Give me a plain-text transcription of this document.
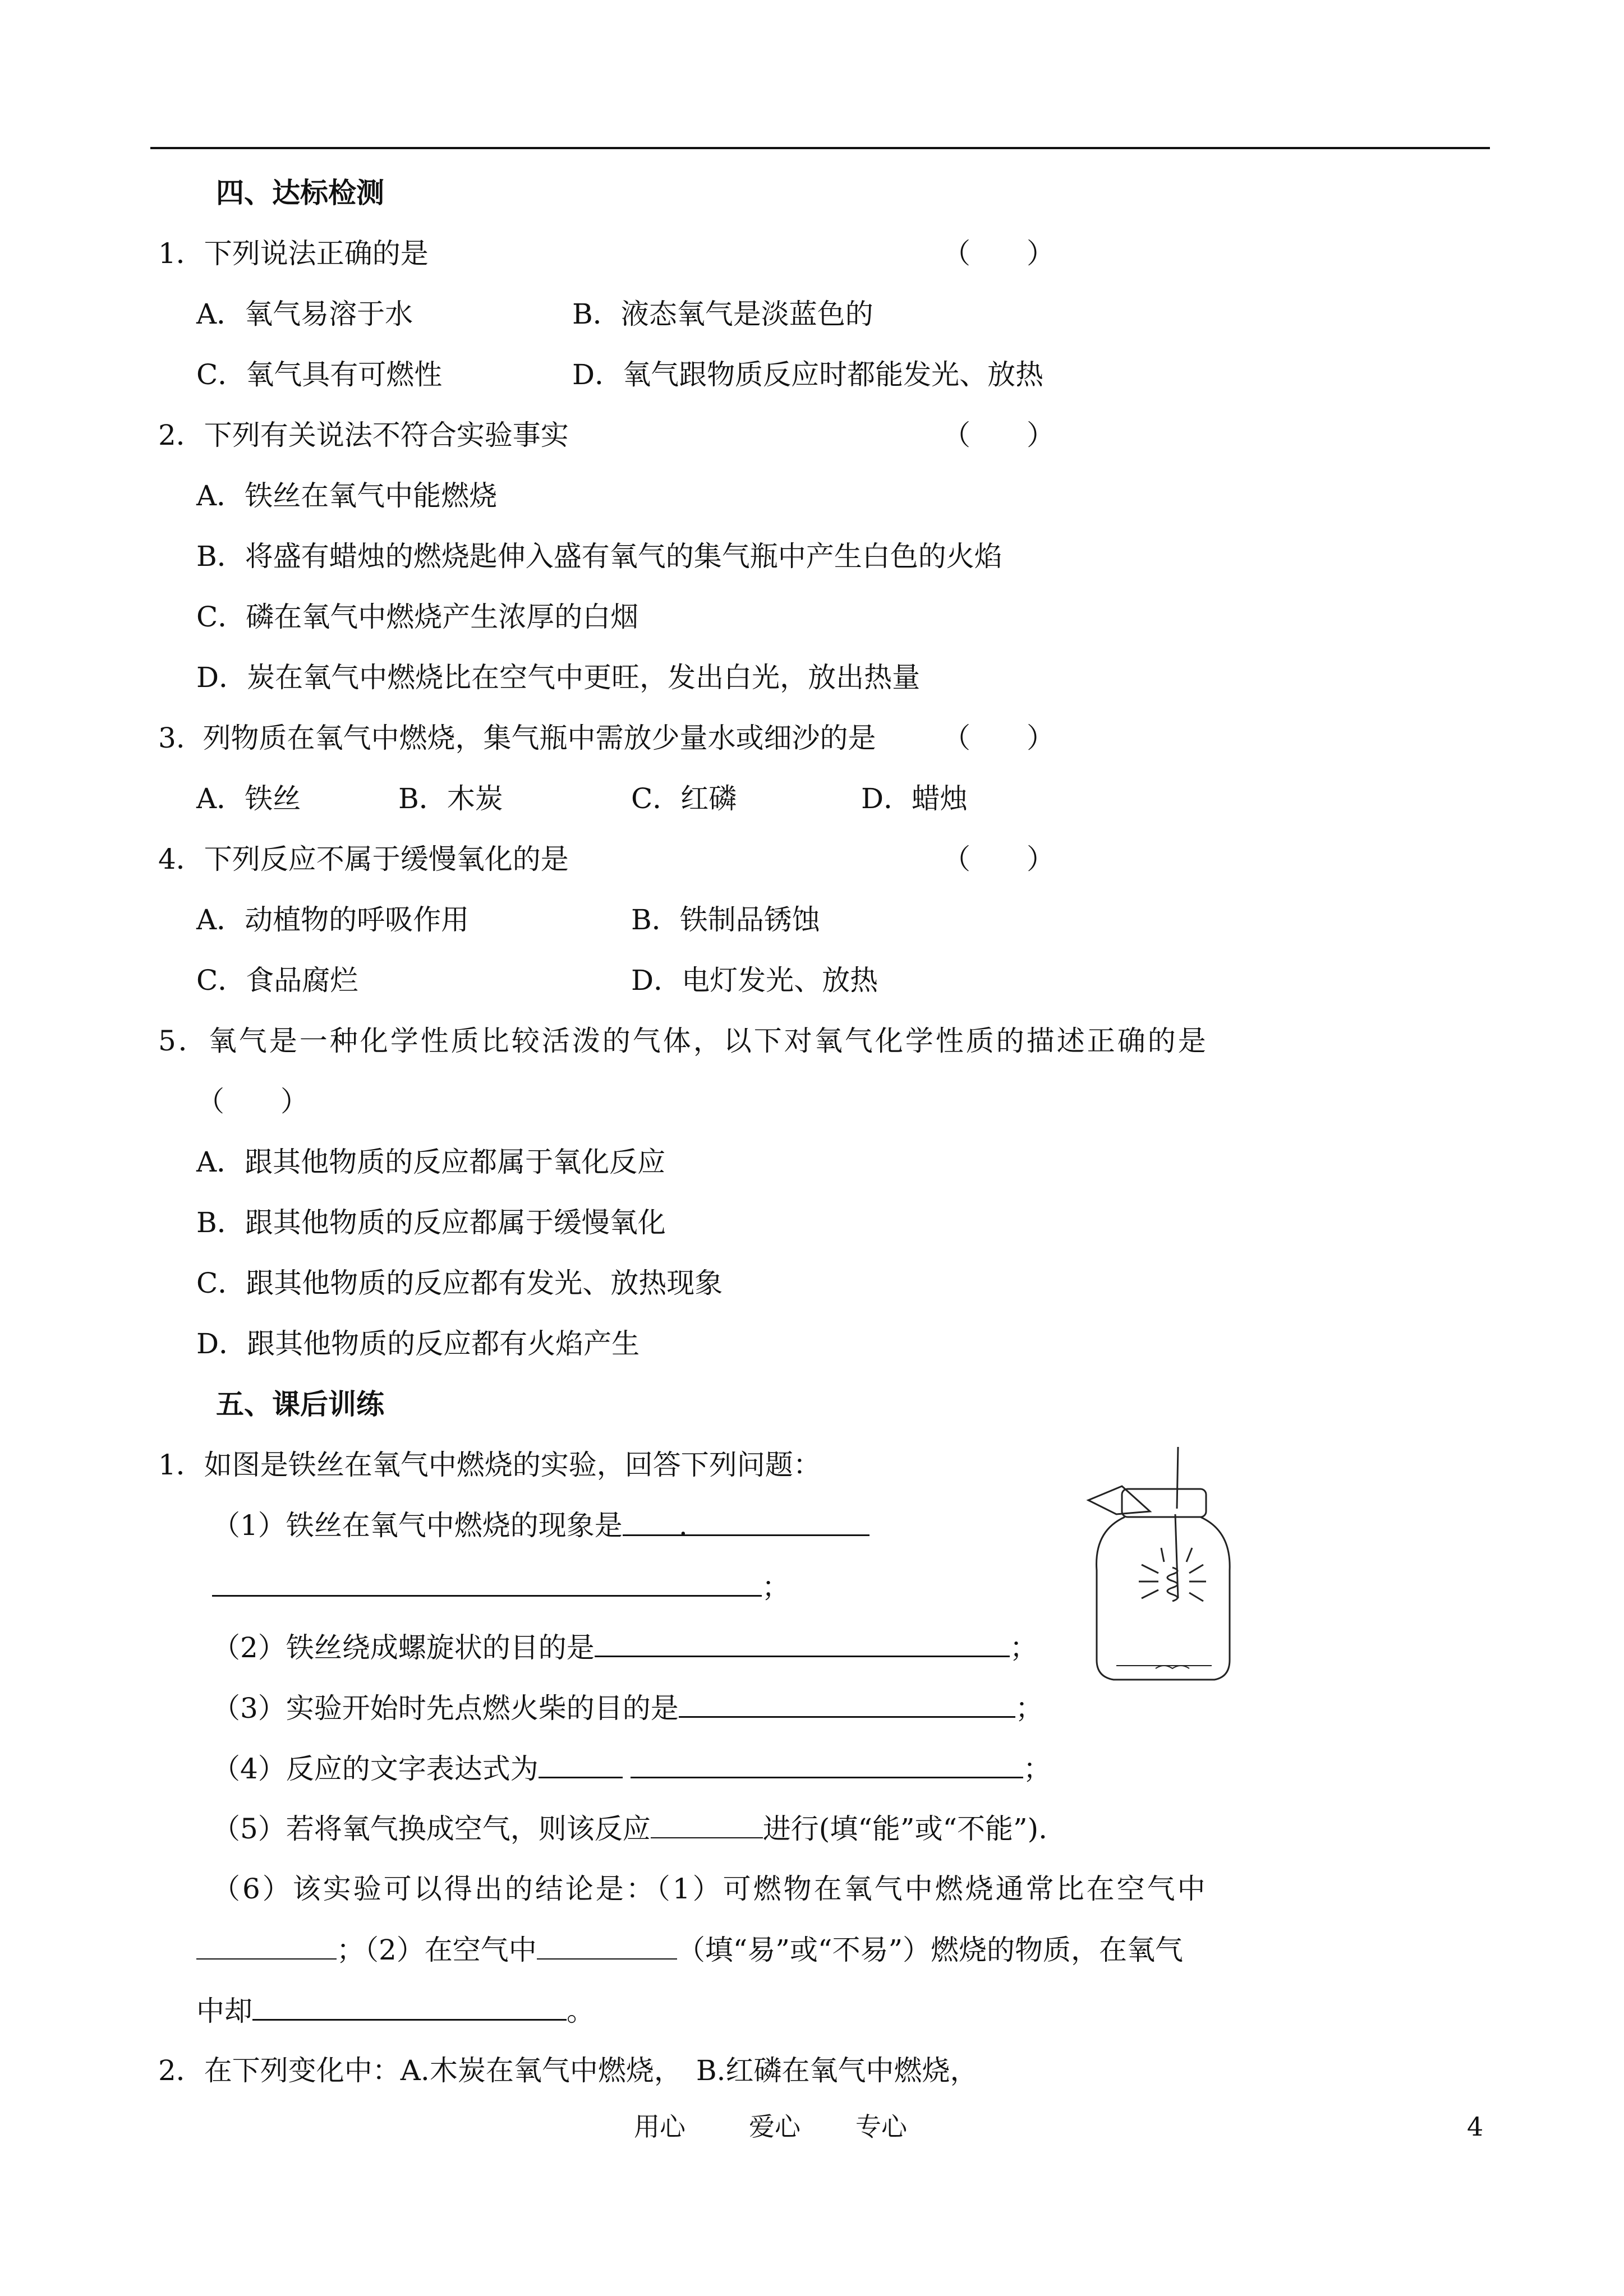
四、达标检测
1．下列说法正确的是	（　　）
A．氧气易溶于水	B．液态氧气是淡蓝色的
C．氧气具有可燃性	D．氧气跟物质反应时都能发光、放热
2．下列有关说法不符合实验事实	（　　）
A．铁丝在氧气中能燃烧
B．将盛有蜡烛的燃烧匙伸入盛有氧气的集气瓶中产生白色的火焰
C．磷在氧气中燃烧产生浓厚的白烟
D．炭在氧气中燃烧比在空气中更旺，发出白光，放出热量
3.  列物质在氧气中燃烧，集气瓶中需放少量水或细沙的是 （　　）
A．铁丝	B．木炭	C．红磷	D．蜡烛
4．下列反应不属于缓慢氧化的是	（　　）
A．动植物的呼吸作用	B．铁制品锈蚀
C．食品腐烂	D．电灯发光、放热
5．氧气是一种化学性质比较活泼的气体，以下对氧气化学性质的描述正确的是
（　　）
A．跟其他物质的反应都属于氧化反应
B．跟其他物质的反应都属于缓慢氧化
C．跟其他物质的反应都有发光、放热现象
D．跟其他物质的反应都有火焰产生
五、课后训练
1．如图是铁丝在氧气中燃烧的实验，回答下列问题：
（1）铁丝在氧气中燃烧的现象是 .
；
（2）铁丝绕成螺旋状的目的是	；
（3）实验开始时先点燃火柴的目的是	；
（4）反应的文字表达式为	；
（5）若将氧气换成空气，则该反应	进行(填“能”或“不能”).
（6）该实验可以得出的结论是：（1）可燃物在氧气中燃烧通常比在空气中
；（2）在空气中	（填“易”或“不易”）燃烧的物质，在氧气
中却	。
2．在下列变化中：A.木炭在氧气中燃烧，　B.红磷在氧气中燃烧，
用心 爱心 专心	4
